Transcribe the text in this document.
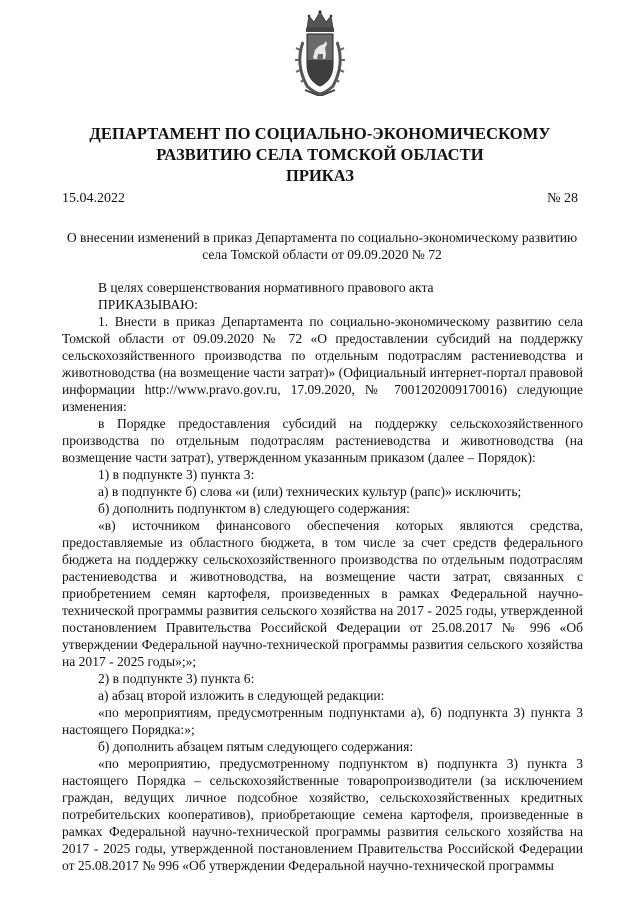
ДЕПАРТАМЕНТ ПО СОЦИАЛЬНО-ЭКОНОМИЧЕСКОМУ
РАЗВИТИЮ СЕЛА ТОМСКОЙ ОБЛАСТИ
ПРИКАЗ
15.04.2022	№ 28
О внесении изменений в приказ Департамента по социально-экономическому развитию
села Томской области от 09.09.2020 № 72

В целях совершенствования нормативного правового акта

ПРИКАЗЫВАЮ:

1. Внести в приказ Департамента по социально-экономическому развитию села Томской области от 09.09.2020 № 72 «О предоставлении субсидий на поддержку сельскохозяйственного производства по отдельным подотраслям растениеводства и животноводства (на возмещение части затрат)» (Официальный интернет-портал правовой информации http://www.pravo.gov.ru, 17.09.2020, № 7001202009170016) следующие изменения:

в Порядке предоставления субсидий на поддержку сельскохозяйственного производства по отдельным подотраслям растениеводства и животноводства (на возмещение части затрат), утвержденном указанным приказом (далее – Порядок):

1) в подпункте 3) пункта 3:

а) в подпункте б) слова «и (или) технических культур (рапс)» исключить;

б) дополнить подпунктом в) следующего содержания:

«в) источником финансового обеспечения которых являются средства, предоставляемые из областного бюджета, в том числе за счет средств федерального бюджета на поддержку сельскохозяйственного производства по отдельным подотраслям растениеводства и животноводства, на возмещение части затрат, связанных с приобретением семян картофеля, произведенных в рамках Федеральной научно-технической программы развития сельского хозяйства на 2017 - 2025 годы, утвержденной постановлением Правительства Российской Федерации от 25.08.2017 № 996 «Об утверждении Федеральной научно-технической программы развития сельского хозяйства на 2017 - 2025 годы»;»;

2) в подпункте 3) пункта 6:

а) абзац второй изложить в следующей редакции:

«по мероприятиям, предусмотренным подпунктами а), б) подпункта 3) пункта 3 настоящего Порядка:»;

б) дополнить абзацем пятым следующего содержания:

«по мероприятию, предусмотренному подпунктом в) подпункта 3) пункта 3 настоящего Порядка – сельскохозяйственные товаропроизводители (за исключением граждан, ведущих личное подсобное хозяйство, сельскохозяйственных кредитных потребительских кооперативов), приобретающие семена картофеля, произведенные в рамках Федеральной научно-технической программы развития сельского хозяйства на 2017 - 2025 годы, утвержденной постановлением Правительства Российской Федерации от 25.08.2017 № 996 «Об утверждении Федеральной научно-технической программы
